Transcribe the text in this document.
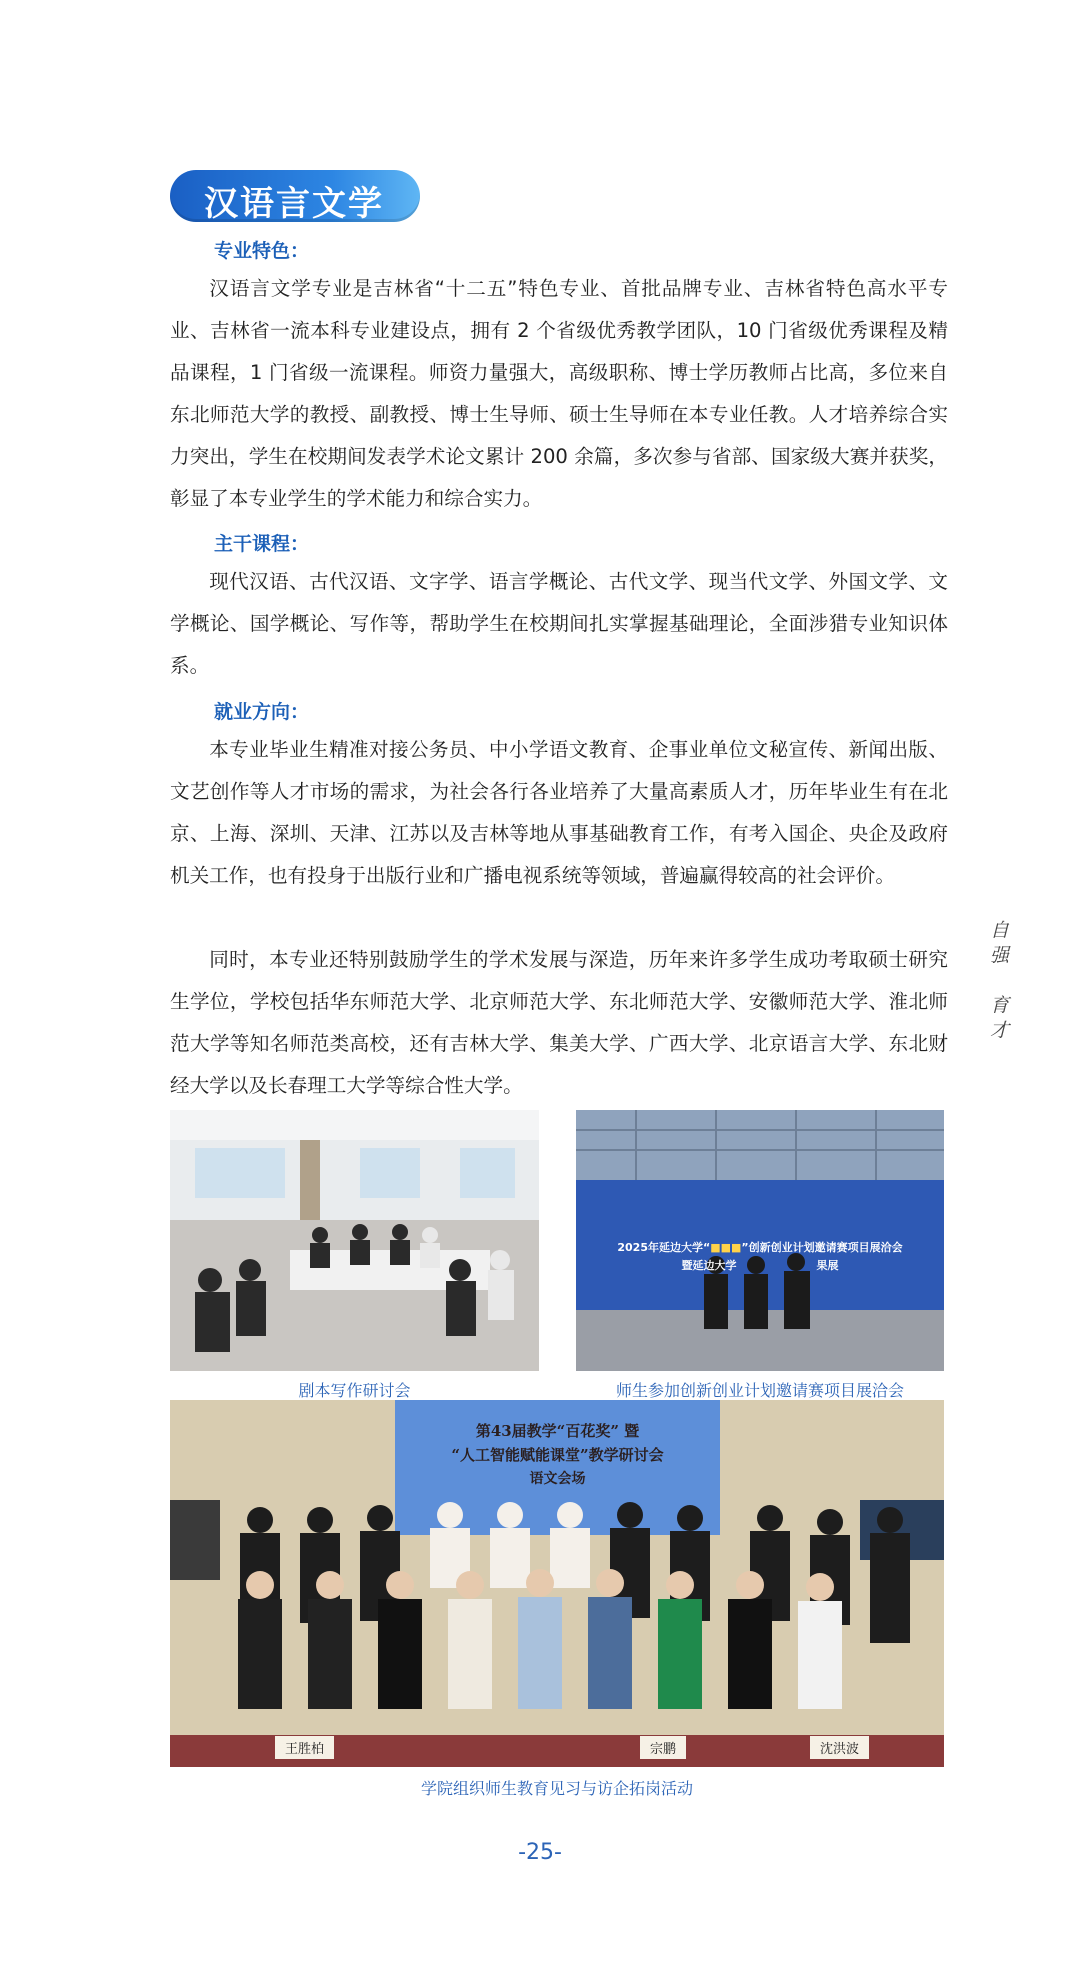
汉语言文学
专业特色：
汉语言文学专业是吉林省“十二五”特色专业、首批品牌专业、吉林省特色高水平专业、吉林省一流本科专业建设点，拥有 2 个省级优秀教学团队，10 门省级优秀课程及精品课程，1 门省级一流课程。师资力量强大，高级职称、博士学历教师占比高，多位来自东北师范大学的教授、副教授、博士生导师、硕士生导师在本专业任教。人才培养综合实力突出，学生在校期间发表学术论文累计 200 余篇，多次参与省部、国家级大赛并获奖，彰显了本专业学生的学术能力和综合实力。
主干课程：
现代汉语、古代汉语、文字学、语言学概论、古代文学、现当代文学、外国文学、文学概论、国学概论、写作等，帮助学生在校期间扎实掌握基础理论，全面涉猎专业知识体系。
就业方向：
本专业毕业生精准对接公务员、中小学语文教育、企事业单位文秘宣传、新闻出版、文艺创作等人才市场的需求，为社会各行各业培养了大量高素质人才，历年毕业生有在北京、上海、深圳、天津、江苏以及吉林等地从事基础教育工作，有考入国企、央企及政府机关工作，也有投身于出版行业和广播电视系统等领域，普遍赢得较高的社会评价。
同时，本专业还特别鼓励学生的学术发展与深造，历年来许多学生成功考取硕士研究生学位，学校包括华东师范大学、北京师范大学、东北师范大学、安徽师范大学、淮北师范大学等知名师范类高校，还有吉林大学、集美大学、广西大学、北京语言大学、东北财经大学以及长春理工大学等综合性大学。
自强
育才
剧本写作研讨会
2025年延边大学“■■■”创新创业计划邀请赛项目展洽会
暨延边大学	果展
师生参加创新创业计划邀请赛项目展洽会
第43届教学“百花奖” 暨
“人工智能赋能课堂”教学研讨会
语文会场
王胜柏	宗鹏	沈洪波
学院组织师生教育见习与访企拓岗活动
-25-
